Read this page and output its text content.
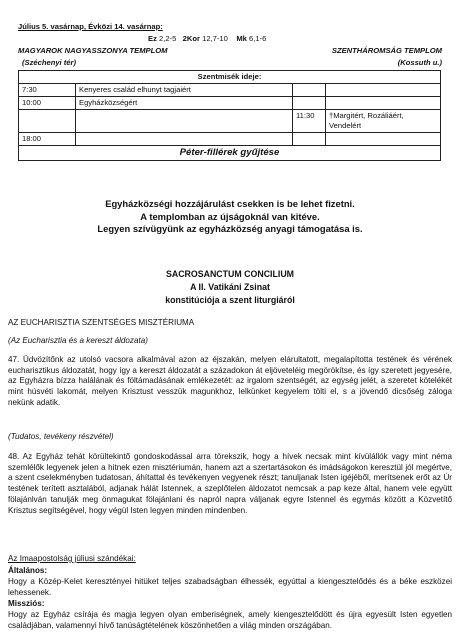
Július 5. vasárnap, Évközi 14. vasárnap:
Ez 2,2-5 2Kor 12,7-10 Mk 6,1-6
MAGYAROK NAGYASSZONYA TEMPLOM
(Széchenyi tér)
SZENTHÁROMSÁG TEMPLOM
(Kossuth u.)
Szentmisék ideje:			
7:30	Kenyeres család elhunyt tagjaiért		
10:00	Egyházközségért		
		11:30	†Margitért, Rozáliáért, Vendelért
18:00			
Péter-fillérek gyűjtése			
Egyházközségi hozzájárulást csekken is be lehet fizetni.
A templomban az újságoknál van kitéve.
Legyen szívügyünk az egyházközség anyagi támogatása is.
SACROSANCTUM CONCILIUM
A II. Vatikáni Zsinat
konstitúciója a szent liturgiáról
AZ EUCHARISZTIA SZENTSÉGES MISZTÉRIUMA
(Az Eucharisztia és a kereszt áldozata)
47. Üdvözítőnk az utolsó vacsora alkalmával azon az éjszakán, melyen elárultatott, megalapította testének és vérének eucharisztikus áldozatát, hogy így a kereszt áldozatát a századokon át eljöveteléig megörökítse, és így szeretett jegyesére, az Egyházra bízza halálának és föltámadásának emlékezetét: az irgalom szentségét, az egység jelét, a szeretet kötelékét mint húsvéti lakomát, melyen Krisztust vesszük magunkhoz, lelkünket kegyelem tölti el, s a jövendő dicsőség záloga nekünk adatik.
(Tudatos, tevékeny részvétel)
48. Az Egyház tehát körültekintő gondoskodással arra törekszik, hogy a hívek necsak mint kívülállók vagy mint néma szemlélők legyenek jelen a hitnek ezen misztériumán, hanem azt a szertartásokon és imádságokon keresztül jól megértve, a szent cselekményben tudatosan, áhítattal és tevékenyen vegyenek részt; tanuljanak Isten igéjéből, merítsenek erőt az Úr testének terített asztalából, adjanak hálát Istennek, a szeplőtelen áldozatot nemcsak a pap keze által, hanem vele együtt fölajánlván tanulják meg önmagukat fölajánlani és napról napra váljanak egyre Istennel és egymás között a Közvetítő Krisztus segítségével, hogy végül Isten legyen minden mindenben.
Az Imaapostolság júliusi szándékai:
Általános:
Hogy a Közép-Kelet keresztényei hitüket teljes szabadságban élhessék, egyúttal a kiengesztelődés és a béke eszközei lehessenek.
Missziós:
Hogy az Egyház csírája és magja legyen olyan emberiségnek, amely kiengesztelődött és újra egyesült Isten egyetlen családjában, valamennyi hívő tanúságtételének köszönhetően a világ minden országában.
